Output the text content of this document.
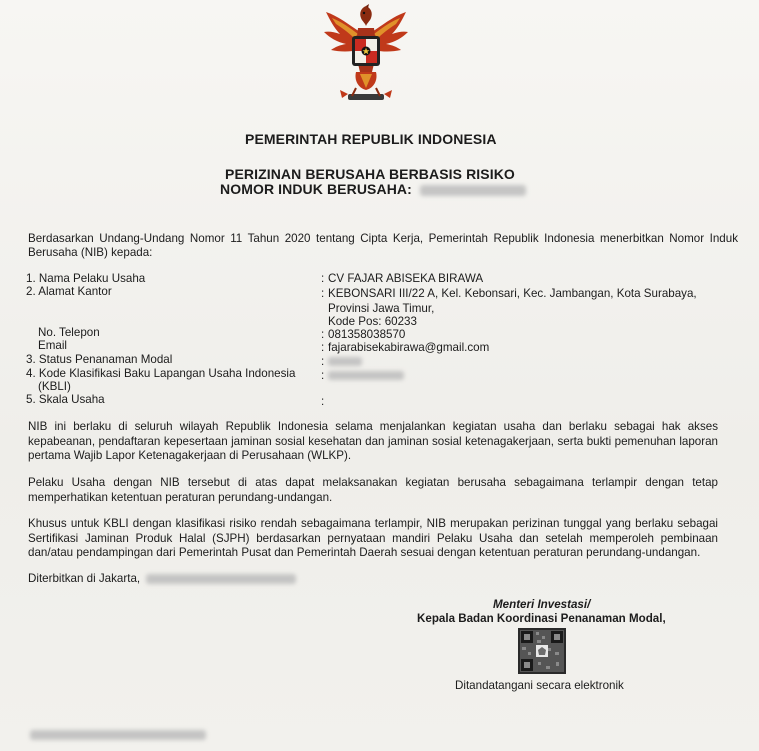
PEMERINTAH REPUBLIK INDONESIA
PERIZINAN BERUSAHA BERBASIS RISIKO
NOMOR INDUK BERUSAHA:
Berdasarkan Undang-Undang Nomor 11 Tahun 2020 tentang Cipta Kerja, Pemerintah Republik Indonesia menerbitkan Nomor Induk Berusaha (NIB) kepada:
1. Nama Pelaku Usaha
2. Alamat Kantor
No. Telepon
Email
3. Status Penanaman Modal
4. Kode Klasifikasi Baku Lapangan Usaha Indonesia
(KBLI)
5. Skala Usaha
:
:
:
:
:
:
:
CV FAJAR ABISEKA BIRAWA
KEBONSARI III/22 A, Kel. Kebonsari, Kec. Jambangan, Kota Surabaya,
Provinsi Jawa Timur,
Kode Pos: 60233
081358038570
fajarabisekabirawa@gmail.com
NIB ini berlaku di seluruh wilayah Republik Indonesia selama menjalankan kegiatan usaha dan berlaku sebagai hak akses kepabeanan, pendaftaran kepesertaan jaminan sosial kesehatan dan jaminan sosial ketenagakerjaan, serta bukti pemenuhan laporan pertama Wajib Lapor Ketenagakerjaan di Perusahaan (WLKP).
Pelaku Usaha dengan NIB tersebut di atas dapat melaksanakan kegiatan berusaha sebagaimana terlampir dengan tetap memperhatikan ketentuan peraturan perundang-undangan.
Khusus untuk KBLI dengan klasifikasi risiko rendah sebagaimana terlampir, NIB merupakan perizinan tunggal yang berlaku sebagai Sertifikasi Jaminan Produk Halal (SJPH) berdasarkan pernyataan mandiri Pelaku Usaha dan setelah memperoleh pembinaan dan/atau pendampingan dari Pemerintah Pusat dan Pemerintah Daerah sesuai dengan ketentuan peraturan perundang-undangan.
Diterbitkan di Jakarta,
Menteri Investasi/
Kepala Badan Koordinasi Penanaman Modal,
Ditandatangani secara elektronik
